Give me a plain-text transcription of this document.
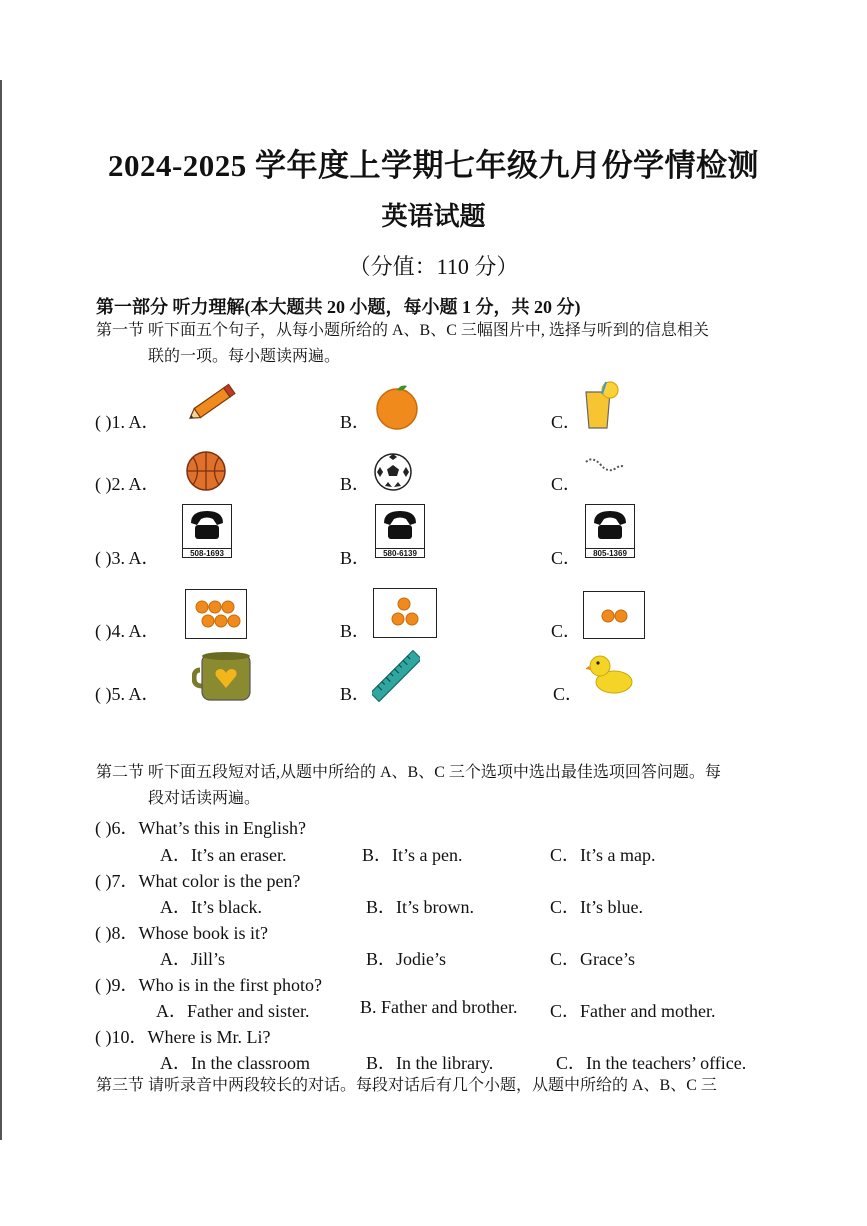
2024-2025 学年度上学期七年级九月份学情检测
英语试题
（分值：110 分）
第一部分 听力理解(本大题共 20 小题，每小题 1 分，共 20 分)
第一节 听下面五个句子，从每小题所给的 A、B、C 三幅图片中, 选择与听到的信息相关
联的一项。每小题读两遍。
( )1. A．	B．	C．
( )2. A．	B．	C．
( )3. A．	508-1693	B．	580-6139	C．	805-1369
( )4. A．	B．	C．
( )5. A．	B．	C．
第二节 听下面五段短对话,从题中所给的 A、B、C 三个选项中选出最佳选项回答问题。每
段对话读两遍。
( )6．What’s this in English?
A．It’s an eraser.	B．It’s a pen.	C．It’s a map.
( )7．What color is the pen?
A．It’s black.	B．It’s brown.	C．It’s blue.
( )8．Whose book is it?
A．Jill’s	B．Jodie’s	C．Grace’s
( )9．Who is in the first photo?
A．Father and sister.	B. Father and brother. C．Father and mother.
( )10．Where is Mr. Li?
A．In the classroom	B．In the library.	C．In the teachers’ office.
第三节 请听录音中两段较长的对话。每段对话后有几个小题，从题中所给的 A、B、C 三
